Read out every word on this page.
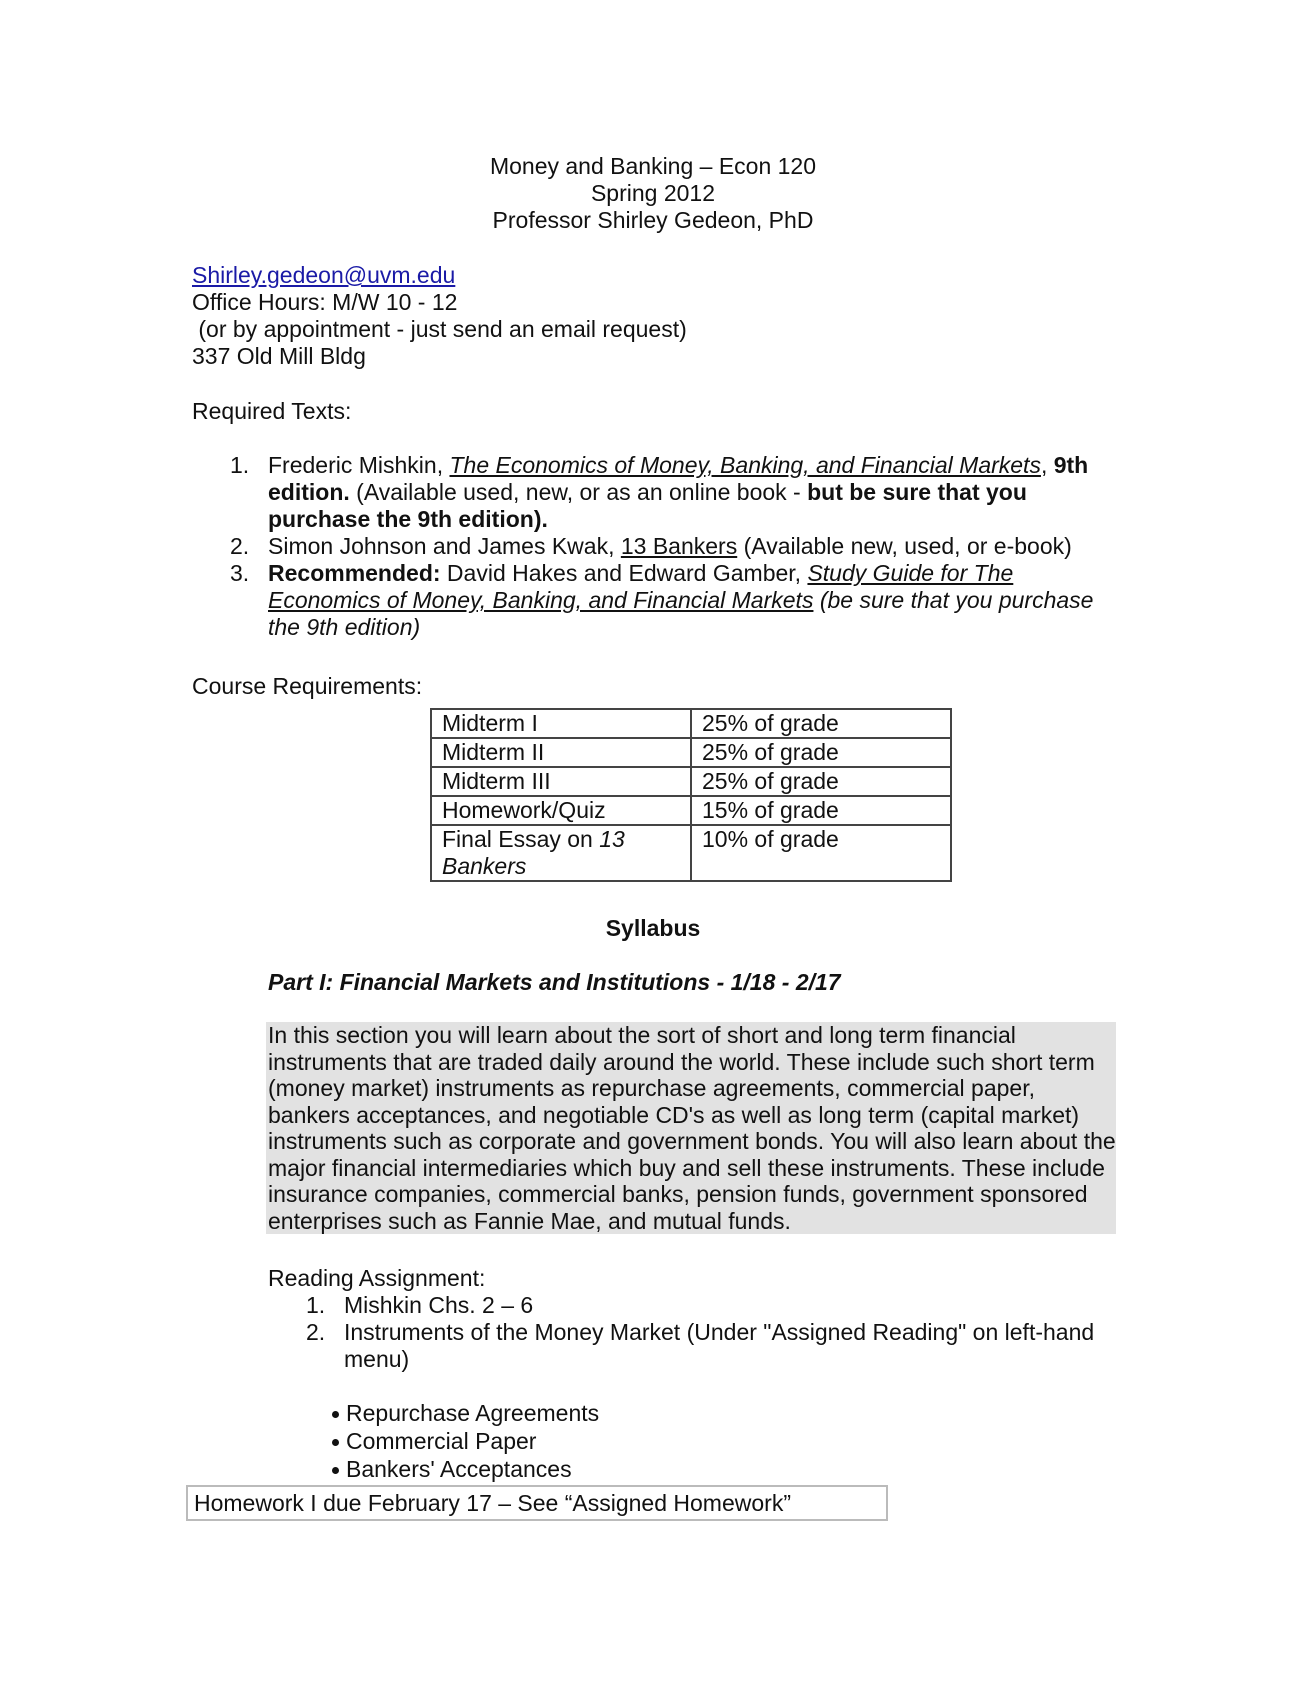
Money and Banking – Econ 120
Spring 2012
Professor Shirley Gedeon, PhD
Shirley.gedeon@uvm.edu
Office Hours: M/W 10 - 12
(or by appointment - just send an email request)
337 Old Mill Bldg
Required Texts:
1. Frederic Mishkin, The Economics of Money, Banking, and Financial Markets, 9th edition. (Available used, new, or as an online book - but be sure that you purchase the 9th edition).
2. Simon Johnson and James Kwak, 13 Bankers (Available new, used, or e-book)
3. Recommended: David Hakes and Edward Gamber, Study Guide for The Economics of Money, Banking, and Financial Markets (be sure that you purchase the 9th edition)
Course Requirements:
Midterm I	25% of grade
Midterm II	25% of grade
Midterm III	25% of grade
Homework/Quiz	15% of grade
Final Essay on 13 Bankers	10% of grade
Syllabus
Part I: Financial Markets and Institutions - 1/18 - 2/17

In this section you will learn about the sort of short and long term financial instruments that are traded daily around the world. These include such short term (money market) instruments as repurchase agreements, commercial paper, bankers acceptances, and negotiable CD's as well as long term (capital market) instruments such as corporate and government bonds. You will also learn about the major financial intermediaries which buy and sell these instruments. These include insurance companies, commercial banks, pension funds, government sponsored enterprises such as Fannie Mae, and mutual funds.

Reading Assignment:
1. Mishkin Chs. 2 – 6
2. Instruments of the Money Market (Under "Assigned Reading" on left-hand menu)
Repurchase Agreements
Commercial Paper
Bankers' Acceptances
Homework I due February 17 – See “Assigned Homework”
